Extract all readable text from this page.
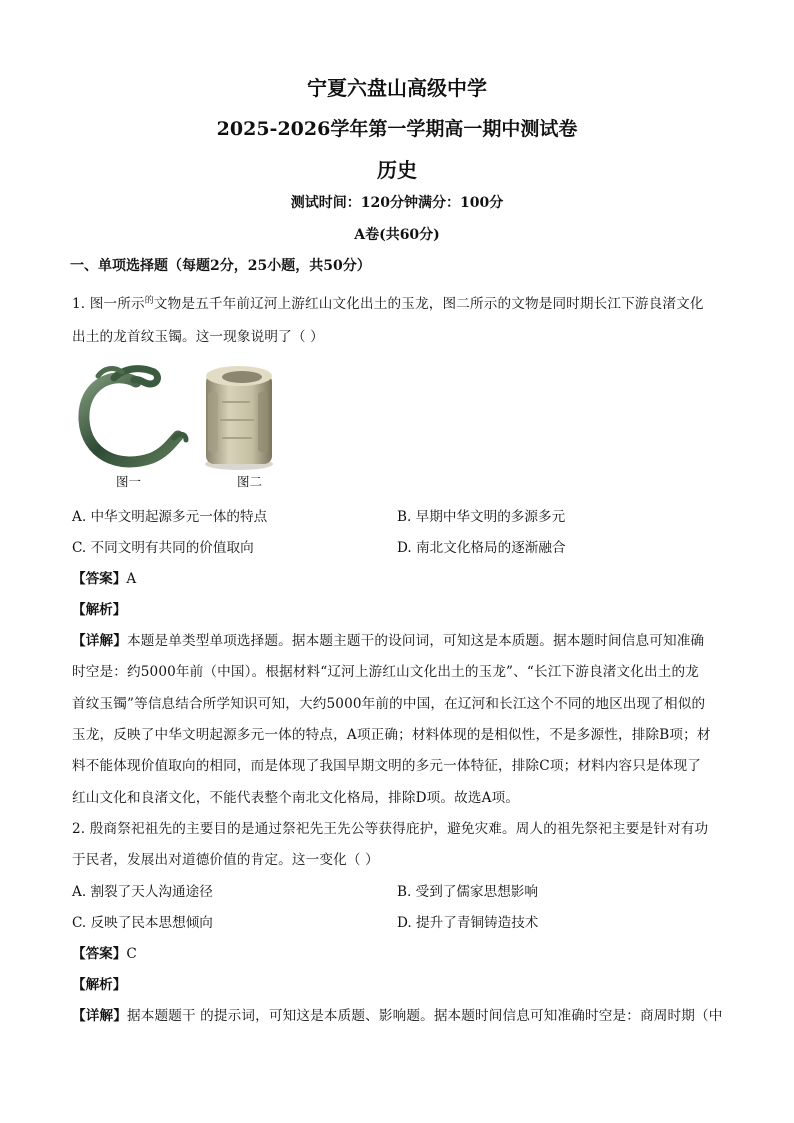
宁夏六盘山高级中学
2025-2026学年第一学期高一期中测试卷
历史
测试时间：120分钟满分：100分
A卷(共60分)
一、单项选择题（每题2分，25小题，共50分）
1. 图一所示$^的$文物是五千年前辽河上游红山文化出土的玉龙，图二所示的文物是同时期长江下游良渚文化
出土的龙首纹玉镯。这一现象说明了（ ）
图一	图二
A. 中华文明起源多元一体的特点	B. 早期中华文明的多源多元
C. 不同文明有共同的价值取向	D. 南北文化格局的逐渐融合
【答案】A
【解析】
【详解】本题是单类型单项选择题。据本题主题干的设问词，可知这是本质题。据本题时间信息可知准确
时空是：约5000年前（中国）。根据材料“辽河上游红山文化出土的玉龙”、“长江下游良渚文化出土的龙
首纹玉镯”等信息结合所学知识可知，大约5000年前的中国，在辽河和长江这个不同的地区出现了相似的
玉龙，反映了中华文明起源多元一体的特点，A项正确；材料体现的是相似性，不是多源性，排除B项；材
料不能体现价值取向的相同，而是体现了我国早期文明的多元一体特征，排除C项；材料内容只是体现了
红山文化和良渚文化，不能代表整个南北文化格局，排除D项。故选A项。
2. 殷商祭祀祖先的主要目的是通过祭祀先王先公等获得庇护，避免灾难。周人的祖先祭祀主要是针对有功
于民者，发展出对道德价值的肯定。这一变化（ ）
A. 割裂了天人沟通途径	B. 受到了儒家思想影响
C. 反映了民本思想倾向	D. 提升了青铜铸造技术
【答案】C
【解析】
【详解】据本题题干 的提示词，可知这是本质题、影响题。据本题时间信息可知准确时空是：商周时期（中
